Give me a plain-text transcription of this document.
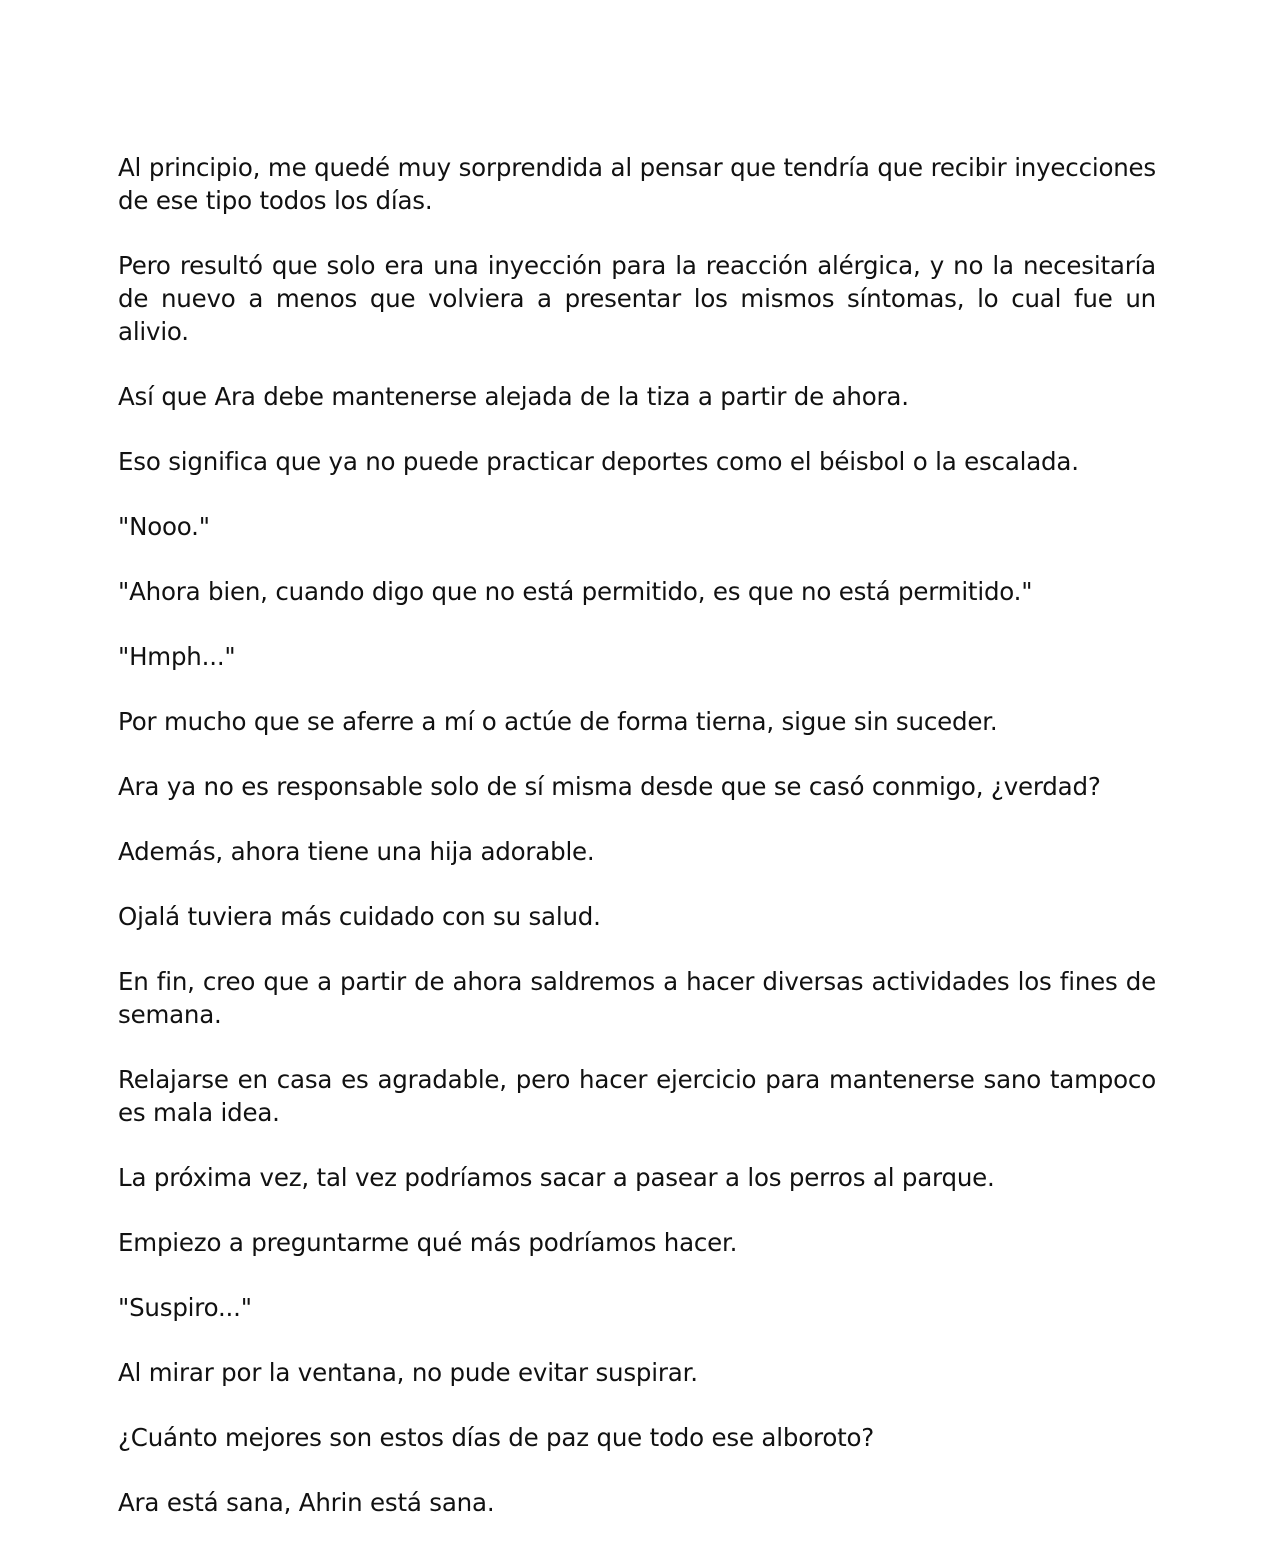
Al principio, me quedé muy sorprendida al pensar que tendría que recibir inyecciones de ese tipo todos los días.

Pero resultó que solo era una inyección para la reacción alérgica, y no la necesitaría de nuevo a menos que volviera a presentar los mismos síntomas, lo cual fue un alivio.

Así que Ara debe mantenerse alejada de la tiza a partir de ahora.

Eso significa que ya no puede practicar deportes como el béisbol o la escalada.

"Nooo."

"Ahora bien, cuando digo que no está permitido, es que no está permitido."

"Hmph..."

Por mucho que se aferre a mí o actúe de forma tierna, sigue sin suceder.

Ara ya no es responsable solo de sí misma desde que se casó conmigo, ¿verdad?

Además, ahora tiene una hija adorable.

Ojalá tuviera más cuidado con su salud.

En fin, creo que a partir de ahora saldremos a hacer diversas actividades los fines de semana.

Relajarse en casa es agradable, pero hacer ejercicio para mantenerse sano tampoco es mala idea.

La próxima vez, tal vez podríamos sacar a pasear a los perros al parque.

Empiezo a preguntarme qué más podríamos hacer.

"Suspiro..."

Al mirar por la ventana, no pude evitar suspirar.

¿Cuánto mejores son estos días de paz que todo ese alboroto?

Ara está sana, Ahrin está sana.
